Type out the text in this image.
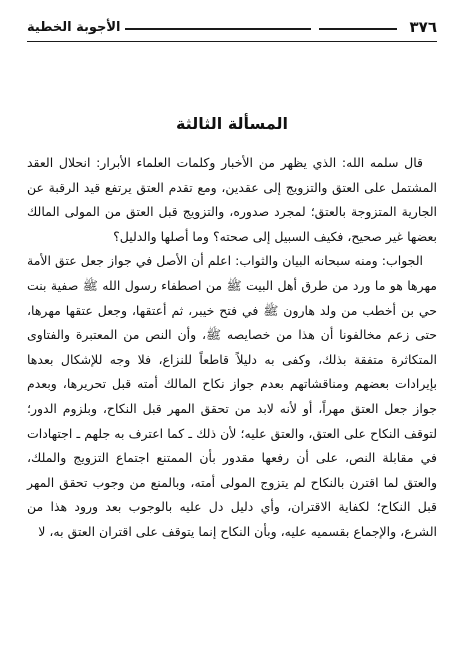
الأجوبة الخطية	٣٧٦
المسألة الثالثة

قال سلمه الله: الذي يظهر من الأخبار وكلمات العلماء الأبرار: انحلال العقد المشتمل على العتق والتزويج إلى عقدين، ومع تقدم العتق يرتفع قيد الرقبة عن الجارية المتزوجة بالعتق؛ لمجرد صدوره، والتزويج قبل العتق من المولى المالك بعضها غير صحيح، فكيف السبيل إلى صحته؟ وما أصلها والدليل؟

الجواب: ومنه سبحانه البيان والثواب: اعلم أن الأصل في جواز جعل عتق الأمة مهرها هو ما ورد من طرق أهل البيت ﷺ من اصطفاء رسول الله ﷺ صفية بنت حي بن أخطب من ولد هارون ﷺ في فتح خيبر، ثم أعتقها، وجعل عتقها مهرها، حتى زعم مخالفونا أن هذا من خصايصه ﷺ، وأن النص من المعتبرة والفتاوى المتكاثرة متفقة بذلك، وكفى به دليلاً قاطعاً للنزاع، فلا وجه للإشكال بعدها بإيرادات بعضهم ومناقشاتهم بعدم جواز نكاح المالك أمته قبل تحريرها، وبعدم جواز جعل العتق مهراً، أو لأنه لابد من تحقق المهر قبل النكاح، وبلزوم الدور؛ لتوقف النكاح على العتق، والعتق عليه؛ لأن ذلك ـ كما اعترف به جلهم ـ اجتهادات في مقابلة النص، على أن رفعها مقدور بأن الممتنع اجتماع التزويج والملك، والعتق لما اقترن بالنكاح لم يتزوج المولى أمته، وبالمنع من وجوب تحقق المهر قبل النكاح؛ لكفاية الاقتران، وأي دليل دل عليه بالوجوب بعد ورود هذا من الشرع، والإجماع بقسميه عليه، وبأن النكاح إنما يتوقف على اقتران العتق به، لا
